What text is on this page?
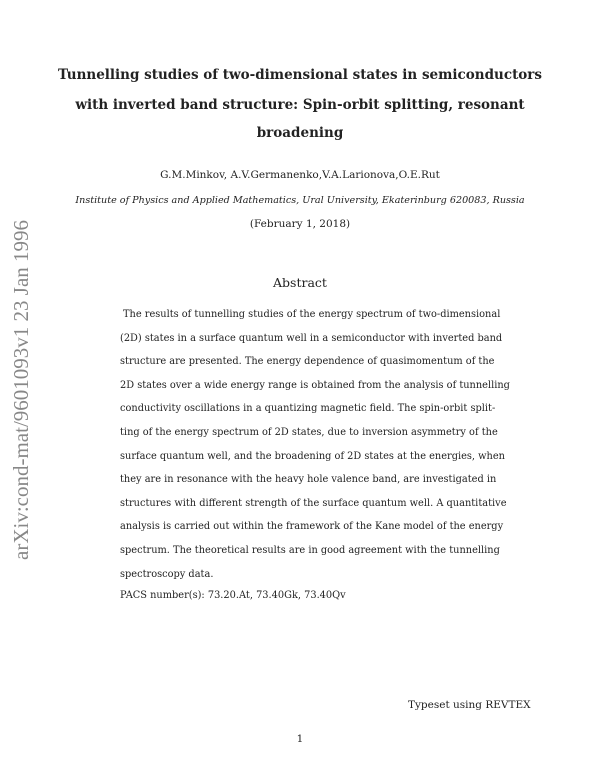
arXiv:cond-mat/9601093v1 23 Jan 1996
Tunnelling studies of two-dimensional states in semiconductors
with inverted band structure: Spin-orbit splitting, resonant
broadening
G.M.Minkov, A.V.Germanenko,V.A.Larionova,O.E.Rut
Institute of Physics and Applied Mathematics, Ural University, Ekaterinburg 620083, Russia
(February 1, 2018)
Abstract
The results of tunnelling studies of the energy spectrum of two-dimensional
(2D) states in a surface quantum well in a semiconductor with inverted band
structure are presented. The energy dependence of quasimomentum of the
2D states over a wide energy range is obtained from the analysis of tunnelling
conductivity oscillations in a quantizing magnetic field. The spin-orbit split-
ting of the energy spectrum of 2D states, due to inversion asymmetry of the
surface quantum well, and the broadening of 2D states at the energies, when
they are in resonance with the heavy hole valence band, are investigated in
structures with different strength of the surface quantum well. A quantitative
analysis is carried out within the framework of the Kane model of the energy
spectrum. The theoretical results are in good agreement with the tunnelling
spectroscopy data.
PACS number(s): 73.20.At, 73.40Gk, 73.40Qv
Typeset using REVTEX
1
